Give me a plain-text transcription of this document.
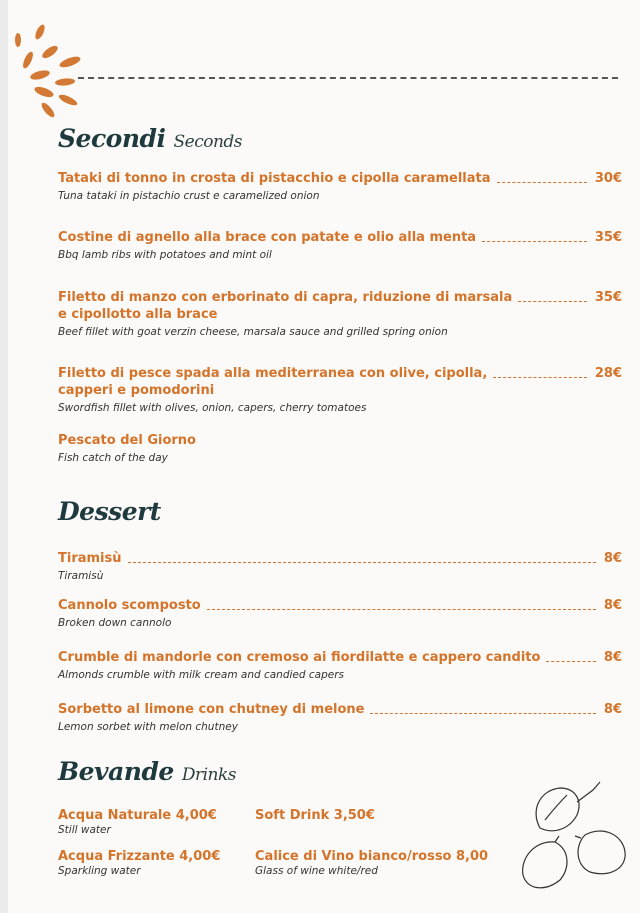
Secondi Seconds
Tataki di tonno in crosta di pistacchio e cipolla caramellata	30€
Tuna tataki in pistachio crust e caramelized onion
Costine di agnello alla brace con patate e olio alla menta	35€
Bbq lamb ribs with potatoes and mint oil
Filetto di manzo con erborinato di capra, riduzione di marsala	35€
e cipollotto alla brace
Beef fillet with goat verzin cheese, marsala sauce and grilled spring onion
Filetto di pesce spada alla mediterranea con olive, cipolla,	28€
capperi e pomodorini
Swordfish fillet with olives, onion, capers, cherry tomatoes
Pescato del Giorno
Fish catch of the day
Dessert
Tiramisù	8€
Tiramisù
Cannolo scomposto	8€
Broken down cannolo
Crumble di mandorle con cremoso ai fiordilatte e cappero candito	8€
Almonds crumble with milk cream and candied capers
Sorbetto al limone con chutney di melone	8€
Lemon sorbet with melon chutney
Bevande Drinks
Acqua Naturale 4,00€
Still water
Soft Drink 3,50€
Acqua Frizzante 4,00€
Sparkling water
Calice di Vino bianco/rosso 8,00
Glass of wine white/red
